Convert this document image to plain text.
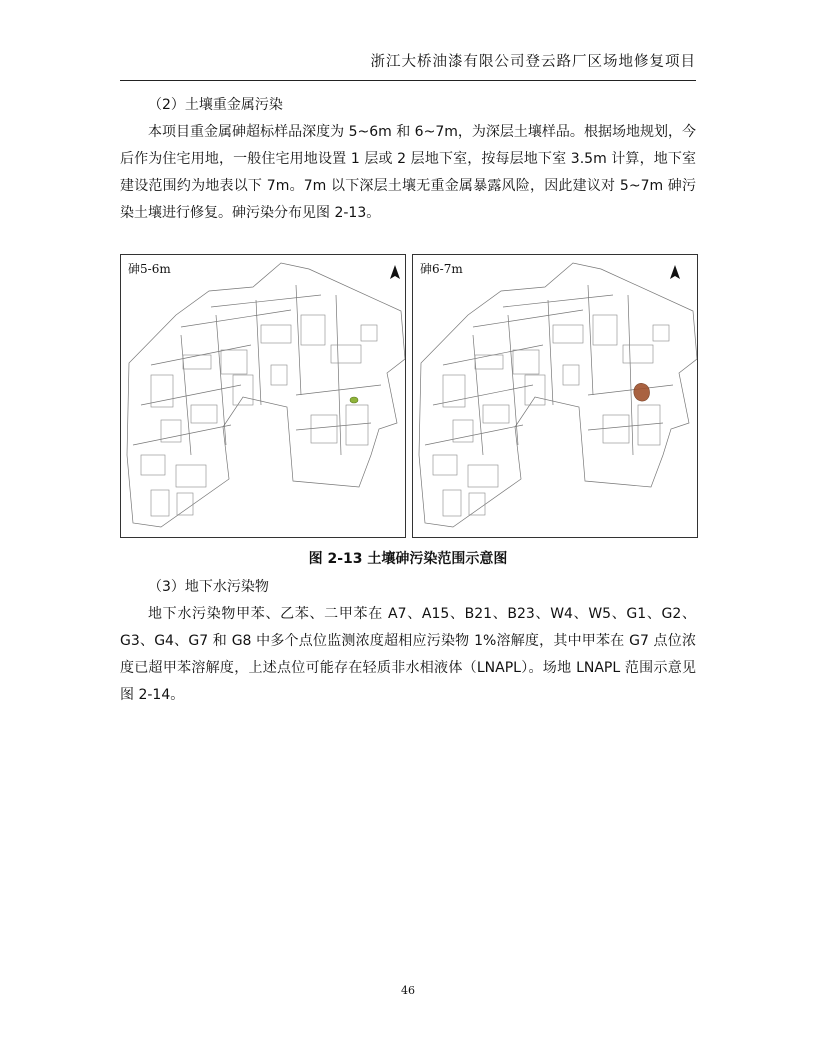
浙江大桥油漆有限公司登云路厂区场地修复项目
（2）土壤重金属污染
本项目重金属砷超标样品深度为 5~6m 和 6~7m，为深层土壤样品。根据场地规划，今后作为住宅用地，一般住宅用地设置 1 层或 2 层地下室，按每层地下室 3.5m 计算，地下室建设范围约为地表以下 7m。7m 以下深层土壤无重金属暴露风险，因此建议对 5~7m 砷污染土壤进行修复。砷污染分布见图 2-13。
砷5-6m	砷6-7m
图 2-13 土壤砷污染范围示意图
（3）地下水污染物
地下水污染物甲苯、乙苯、二甲苯在 A7、A15、B21、B23、W4、W5、G1、G2、G3、G4、G7 和 G8 中多个点位监测浓度超相应污染物 1%溶解度，其中甲苯在 G7 点位浓度已超甲苯溶解度，上述点位可能存在轻质非水相液体（LNAPL）。场地 LNAPL 范围示意见图 2-14。
46
